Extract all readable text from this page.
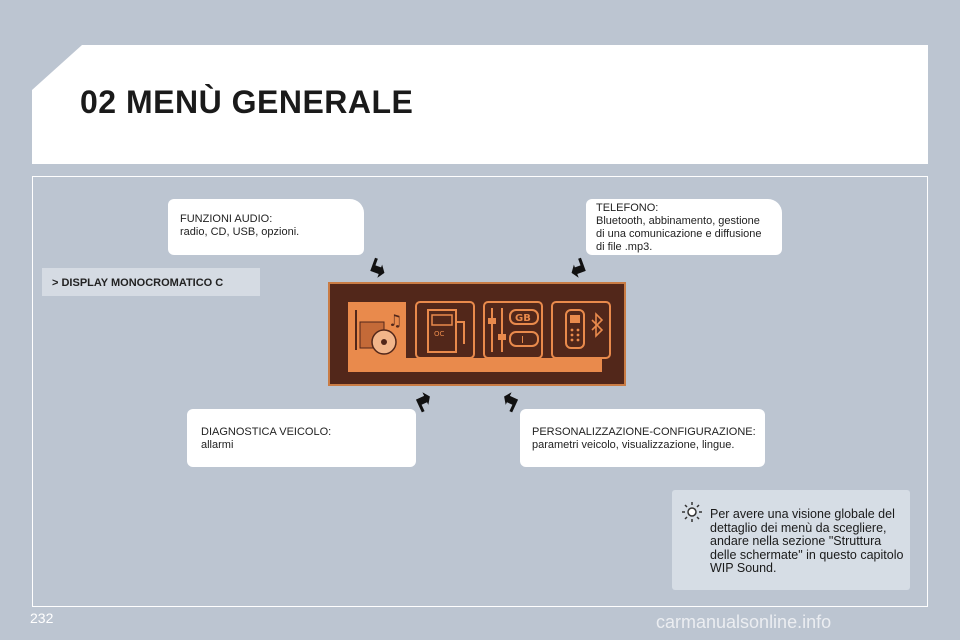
02 MENÙ GENERALE
FUNZIONI AUDIO:
radio, CD, USB, opzioni.
TELEFONO:
Bluetooth, abbinamento, gestione
di una comunicazione e diffusione
di file .mp3.
> DISPLAY MONOCROMATICO C
♫
OC
GB
I
DIAGNOSTICA VEICOLO:
allarmi
PERSONALIZZAZIONE-CONFIGURAZIONE:
parametri veicolo, visualizzazione, lingue.
Per avere una visione globale del dettaglio dei menù da scegliere, andare nella sezione "Struttura delle schermate" in questo capitolo WIP Sound.
232	carmanualsonline.info
